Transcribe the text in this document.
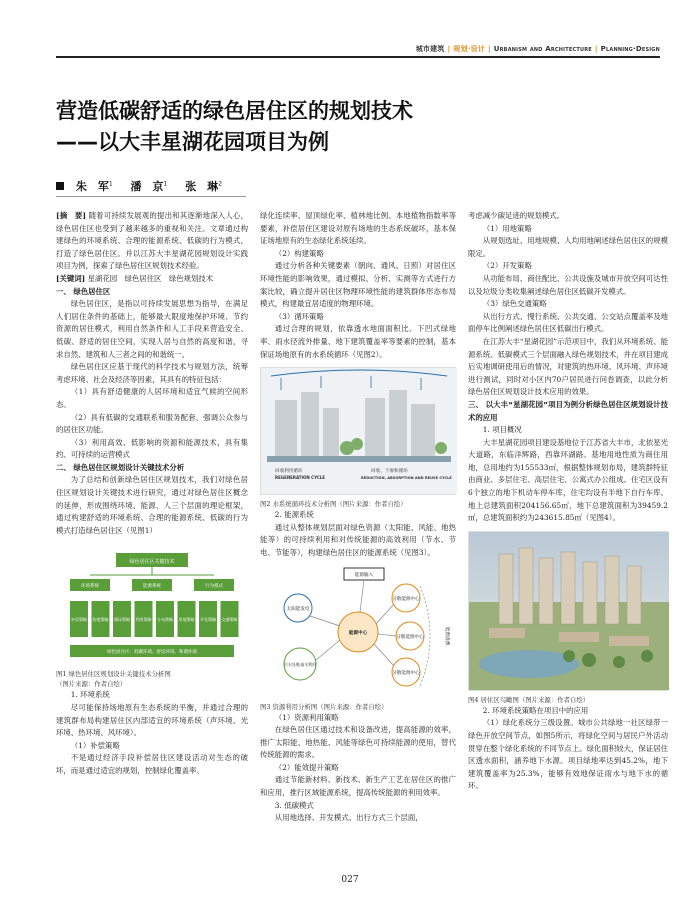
城市建筑 | 规划·设计 | Urbanism and Architecture | Planning·Design
营造低碳舒适的绿色居住区的规划技术
——以大丰星湖花园项目为例
朱　军$^1$ 潘　京$^1$ 张　琳$^2$

[摘　要] 随着可持续发展观的提出和其逐渐地深入人心，绿色居住区也受到了越来越多的重视和关注。文章通过构建绿色的环境系统、合理的能源系统、低碳的行为模式，打造了绿色居住区。并以江苏大丰星湖花园规划设计实践项目为例，探索了绿色居住区规划技术经验。

[关键词] 星湖花园　绿色居住区　绿色规划技术

一、 绿色居住区

绿色居住区，是指以可持续发展思想为指导，在满足人们居住条件的基础上，能够最大限度地保护环境、节约资源的居住模式，利用自然条件和人工手段来营造安全、低碳、舒适的居住空间，实现人居与自然的高度和谐，寻求自然、建筑和人三者之间的和谐统一。

绿色居住区应基于现代的科学技术与规划方法，统筹考虑环境、社会及经济等因素，其具有的特征包括：

（1）具有舒适健康的人居环境和适宜气候的空间形态。

（2）具有低碳的交通联系和服务配套、强调公众参与的居住区功能。

（3）利用高效、低影响的资源和能源技术，具有集约、可持续的运营模式

二、 绿色居住区规划设计关键技术分析

为了总结和创新绿色居住区规划技术，我们对绿色居住区规划设计关键技术进行研究，通过对绿色居住区概念的延伸，形成围绕环境、能源、人三个层面的理论框架，通过构建舒适的环境系统、合理的能源系统、低碳的行为模式打造绿色居住区（见图1）

绿色居住区关键技术
环境系统	能源系统	行为模式
补偿策略 构建策略 循环策略 利用策略 分布策略 用地策略 开发策略 交通策略
绿色居住区：低碳环境、舒适环境、和谐环境

图1 绿色居住区规划设计关键技术分析图

（图片来源：作者自绘）

1. 环境系统

尽可能保持场地原有生态系统的平衡，并通过合理的建筑群布局构建居住区内部适宜的环境系统（声环境、光环境、热环境、风环境）。

（1）补偿策略

不是通过经济手段补偿居住区建设活动对生态的破坏，而是通过适宜的规划，控制绿化覆盖率、

绿化连续率、屋顶绿化率、植林地比例、本地植物指数率等要素，补偿居住区建设对原有场地的生态系统破坏，基本保证场地原有的生态绿化系统延续。

（2）构建策略

通过分析各种关键要素（朝向、通风、日照）对居住区环境性能的影响效果，通过模拟、分析、实测等方式进行方案比较，确立提升居住区物理环境性能的建筑群体形态布局模式，构建最宜居适度的物理环境。

（3）循环策略

通过合理的规划，依靠透水地面面积比、下凹式绿地率、雨水径流外排量、地下建筑覆盖率等要素的控制，基本保证场地原有的水系统循环（见图2）。

回收利用循环
REGENERATION CYCLE
回收、下渗和循环
REDUCTION, ABSORPTION AND REUSE CYCLE

图2 水系统循环技术分析图（图片来源：作者自绘）

2. 能源系统

通过从整体规划层面对绿色资源（太阳能、风能、地热能等）的可持续利用和对传统能源的高效利用（节水、节电、节能等），构建绿色居住区的能源系统（见图3）。

能源输入
太阳能发电
能源中心
分散能源中心
分散能源中心
分散能源中心
污水处理/雨水利用
能源消费

图3 资源利用分析图（图片来源：作者自绘）

（1）资源利用策略

在绿色居住区通过技术和设备改进，提高能源的效率，推广太阳能、地热能、风能等绿色可持续能源的使用，替代传统能源的需求。

（2）能效提升策略

通过节能新材料、新技术、新生产工艺在居住区的推广和应用，推行区域能源系统，提高传统能源的利用效率。

3. 低碳模式

从用地选择、开发模式、出行方式三个层面，

考虑减少碳足迹的规划模式。

（1）用地策略

从规划选址、用地规模、人均用地阐述绿色居住区的规模限定。

（2）开发策略

从功能布局、商住配比、公共设施及城市开放空间可达性以及垃圾分类收集阐述绿色居住区低碳开发模式。

（3）绿色交通策略

从出行方式、慢行系统、公共交通、公交站点覆盖率及地面停车比例阐述绿色居住区低碳出行模式。

在江苏大丰“星湖花园”示范项目中，我们从环境系统、能源系统、低碳模式三个层面融入绿色规划技术，并在项目建成后实地调研使用后的情况，对建筑的热环境、风环境、声环境进行测试，同时对小区内70户居民进行问卷调查，以此分析绿色居住区规划设计技术应用的效果。

三、 以大丰“星湖花园”项目为例分析绿色居住区规划设计技术的应用

1. 项目概况

大丰星湖花园项目建设基地位于江苏省大丰市，北依星光大道路，东临洋辉路，西靠环湖路。基地用地性质为商住用地，总用地约为155533㎡，根据整体规划布局，建筑群特征由商业、多层住宅、高层住宅、公寓式办公组成。住宅区设有6个独立的地下机动车停车库，住宅均设有半地下自行车库。地上总建筑面积204156.65㎡，地下总建筑面积为39459.2㎡，总建筑面积约为243615.85㎡（见图4）。

图4 居住区鸟瞰图（图片来源：作者自绘）

2. 环境系统策略在项目中的应用

（1）绿化系统分三级设置。城市公共绿地一社区绿带一绿色开放空间节点，如图5所示，将绿化空间与居民户外活动贯穿在整个绿化系统的不同节点上。绿化面积较大，保证居住区透水面积，涵养地下水源。项目绿地率达到45.2%，地下建筑覆盖率为25.3%，能够有效地保证雨水与地下水的循环。

027
